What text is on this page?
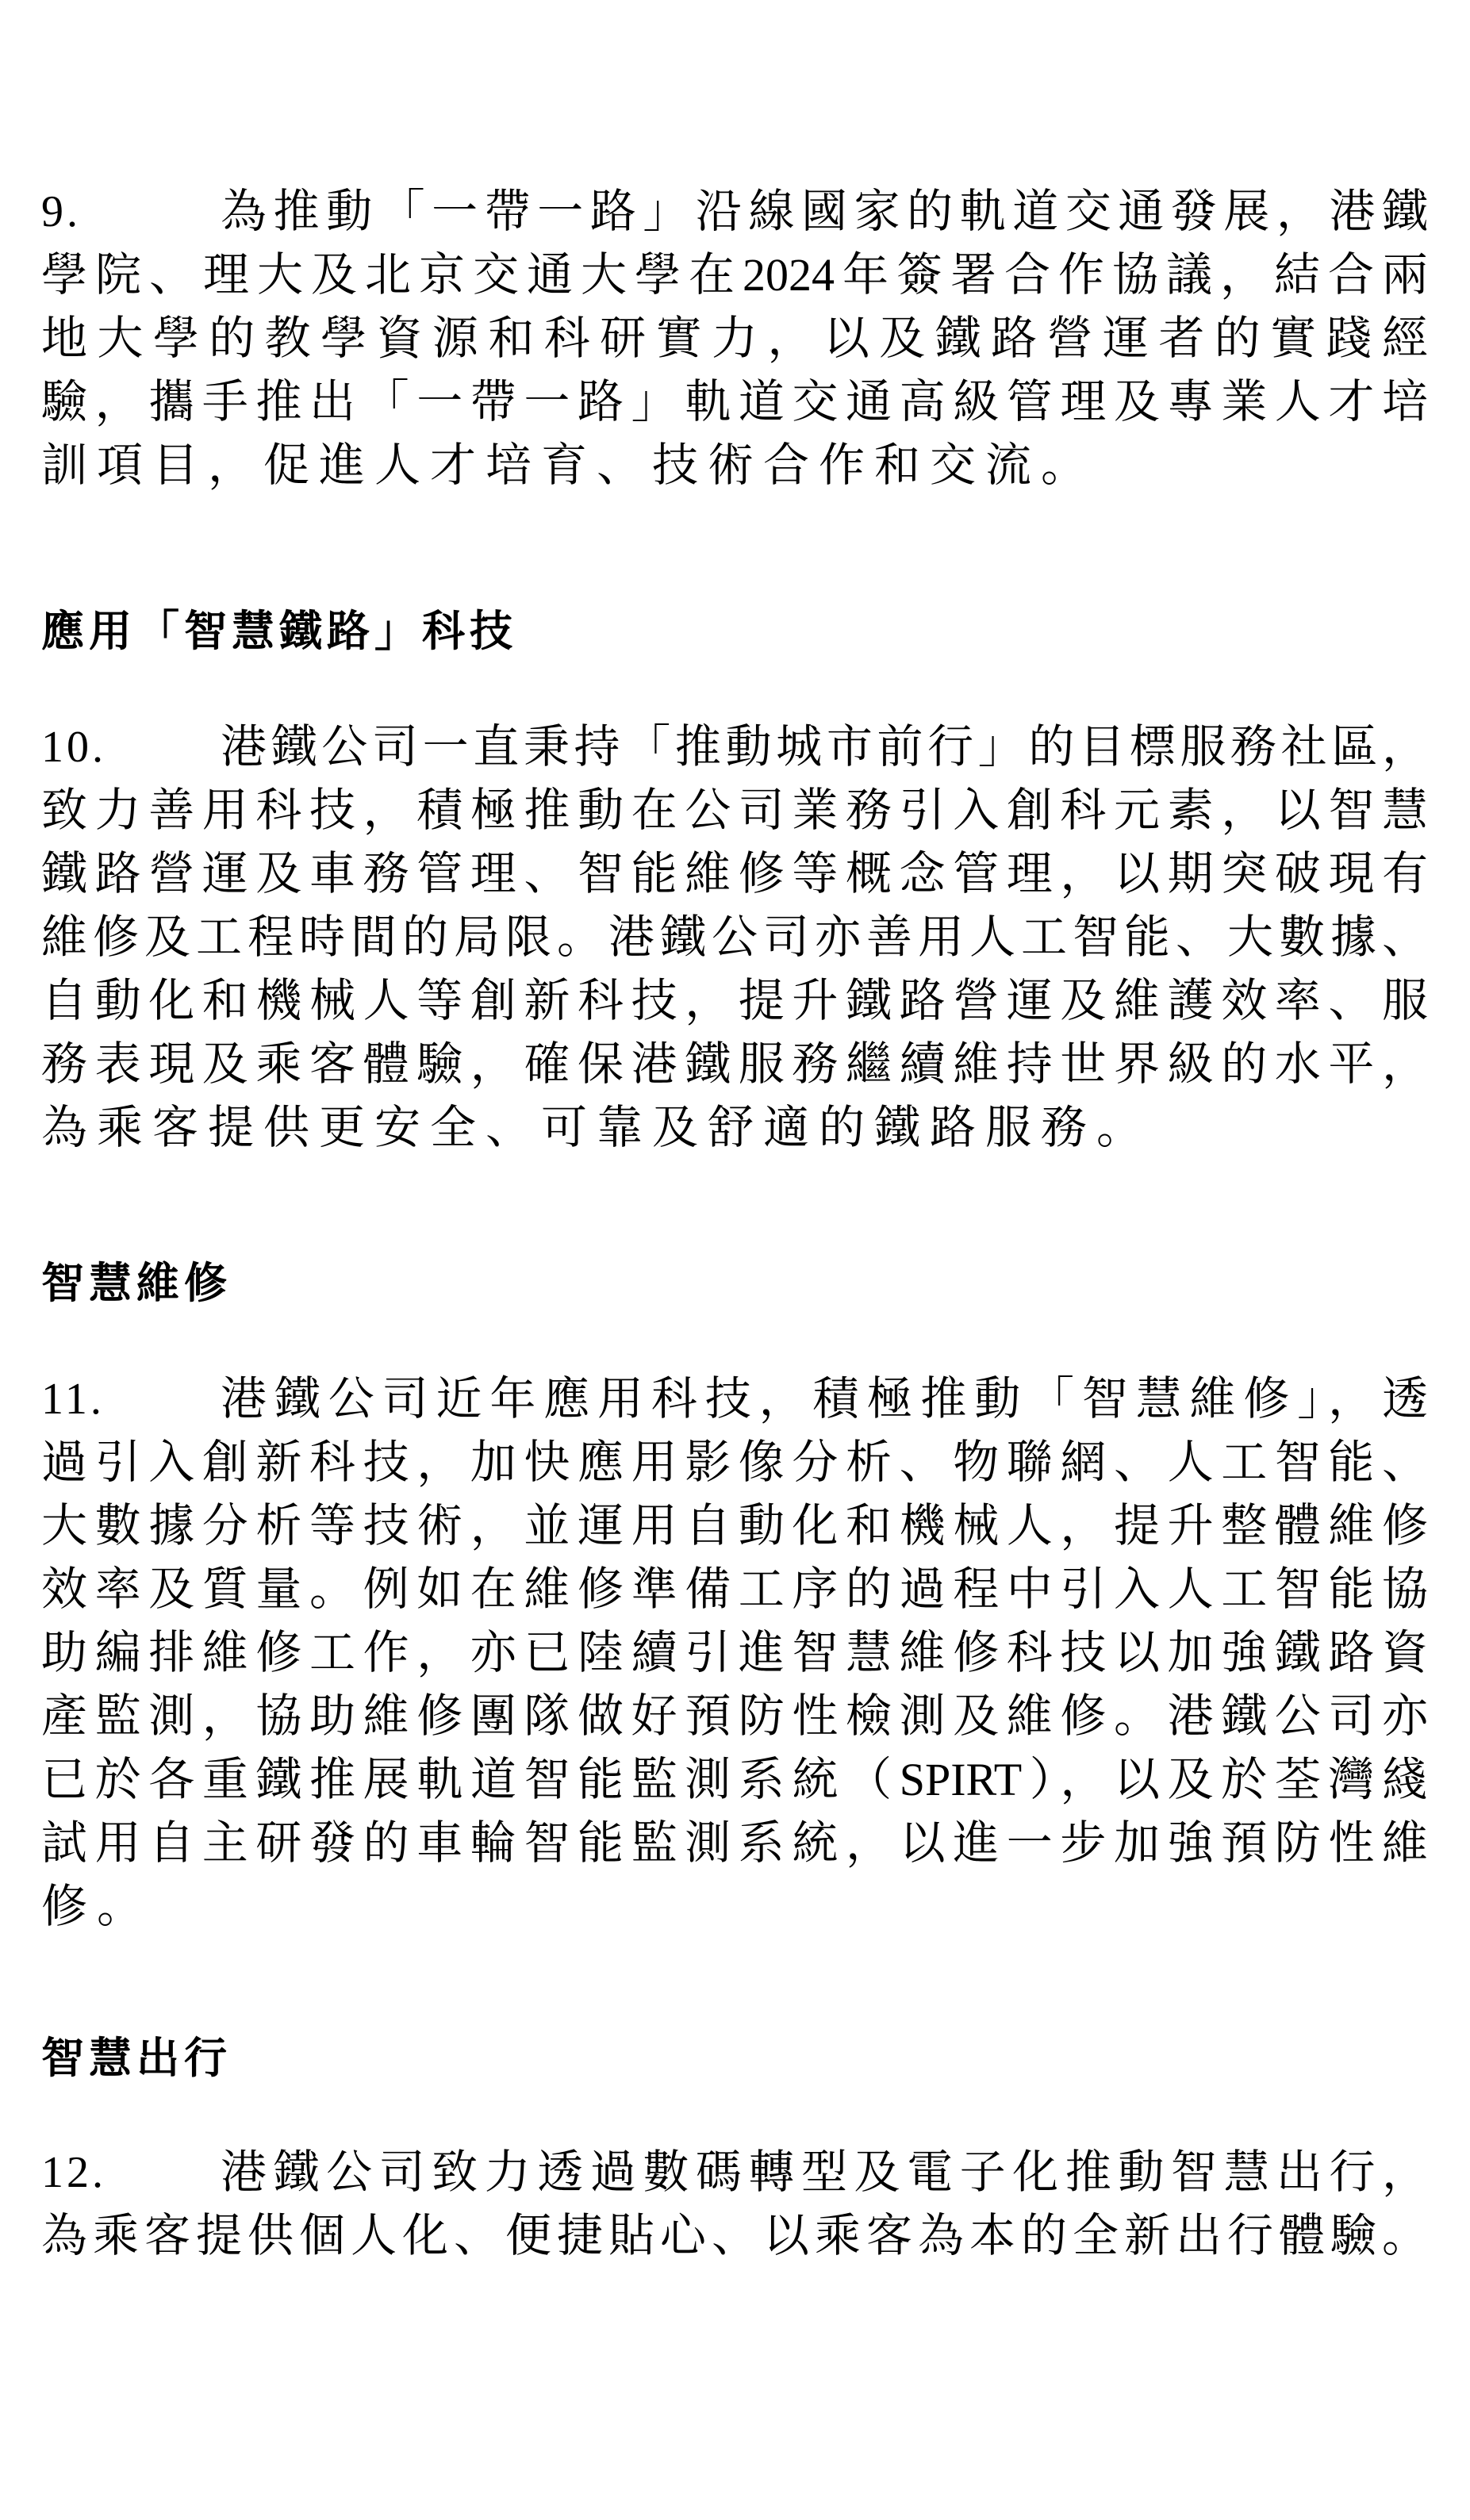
9.	為推動「一帶一路」沿線國家的軌道交通發展，港鐵
學院、理大及北京交通大學在2024年簽署合作協議，結合兩
地大學的教學資源和科研實力，以及鐵路營運者的實踐經
驗，攜手推出「一帶一路」軌道交通高級管理及專業人才培
訓項目，促進人才培育、技術合作和交流。
應用「智慧鐵路」科技
10.	港鐵公司一直秉持「推動城市前行」的目標服務社區，
致力善用科技，積極推動在公司業務引入創科元素，以智慧
鐵路營運及車務管理、智能維修等概念管理，以期突破現有
維修及工程時間的局限。港鐵公司亦善用人工智能、大數據、
自動化和機械人等創新科技，提升鐵路營運及維護效率、服
務表現及乘客體驗，確保港鐵服務繼續維持世界級的水平，
為乘客提供更安全、可靠及舒適的鐵路服務。
智慧維修
11.	港鐵公司近年應用科技，積極推動「智慧維修」，透
過引入創新科技，加快應用影像分析、物聯網、人工智能、
大數據分析等技術，並運用自動化和機械人，提升整體維修
效率及質量。例如在維修準備工序的過程中引入人工智能協
助編排維修工作，亦已陸續引進智慧維修科技以加強鐵路資
產監測，協助維修團隊做好預防性檢測及維修。港鐵公司亦
已於各重鐵推展軌道智能監測系統（SPIRT），以及於荃灣綫
試用自主研發的車輪智能監測系統，以進一步加強預防性維
修。
智慧出行
12.	港鐵公司致力透過數碼轉型及電子化推動智慧出行，
為乘客提供個人化、便捷貼心、以乘客為本的全新出行體驗。
